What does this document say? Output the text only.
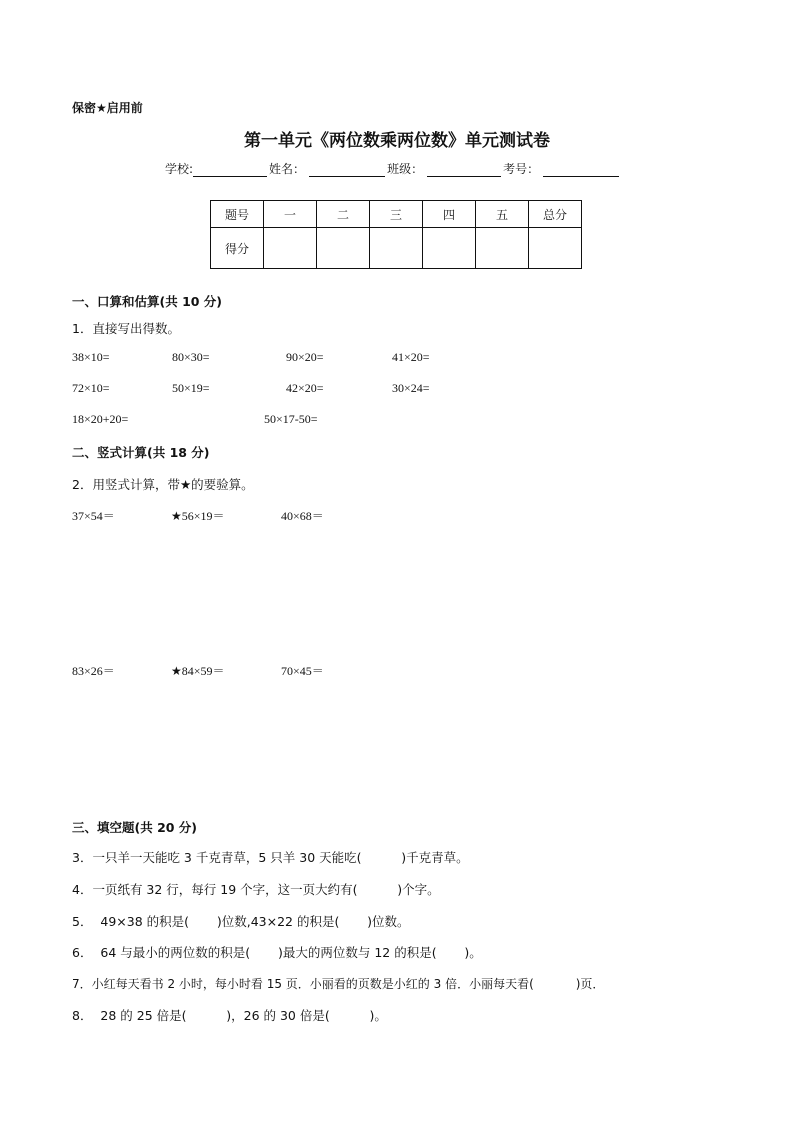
保密★启用前
第一单元《两位数乘两位数》单元测试卷
学校:	姓名：	班级：	考号：
题号	一	二	三	四	五	总分
得分						
一、口算和估算(共 10 分)
1．直接写出得数。
38×10=	80×30=	90×20=	41×20=
72×10=	50×19=	42×20=	30×24=
18×20+20=	50×17-50=
二、竖式计算(共 18 分)
2．用竖式计算，带★的要验算。
37×54＝	★56×19＝	40×68＝
83×26＝	★84×59＝	70×45＝
三、填空题(共 20 分)
3．一只羊一天能吃 3 千克青草，5 只羊 30 天能吃(          )千克青草。
4．一页纸有 32 行，每行 19 个字，这一页大约有(          )个字。
5．  49×38 的积是(       )位数,43×22 的积是(       )位数。
6．  64 与最小的两位数的积是(       )最大的两位数与 12 的积是(       )。
7．小红每天看书 2 小时，每小时看 15 页．小丽看的页数是小红的 3 倍．小丽每天看(           )页．
8．  28 的 25 倍是(          )，26 的 30 倍是(          )。
